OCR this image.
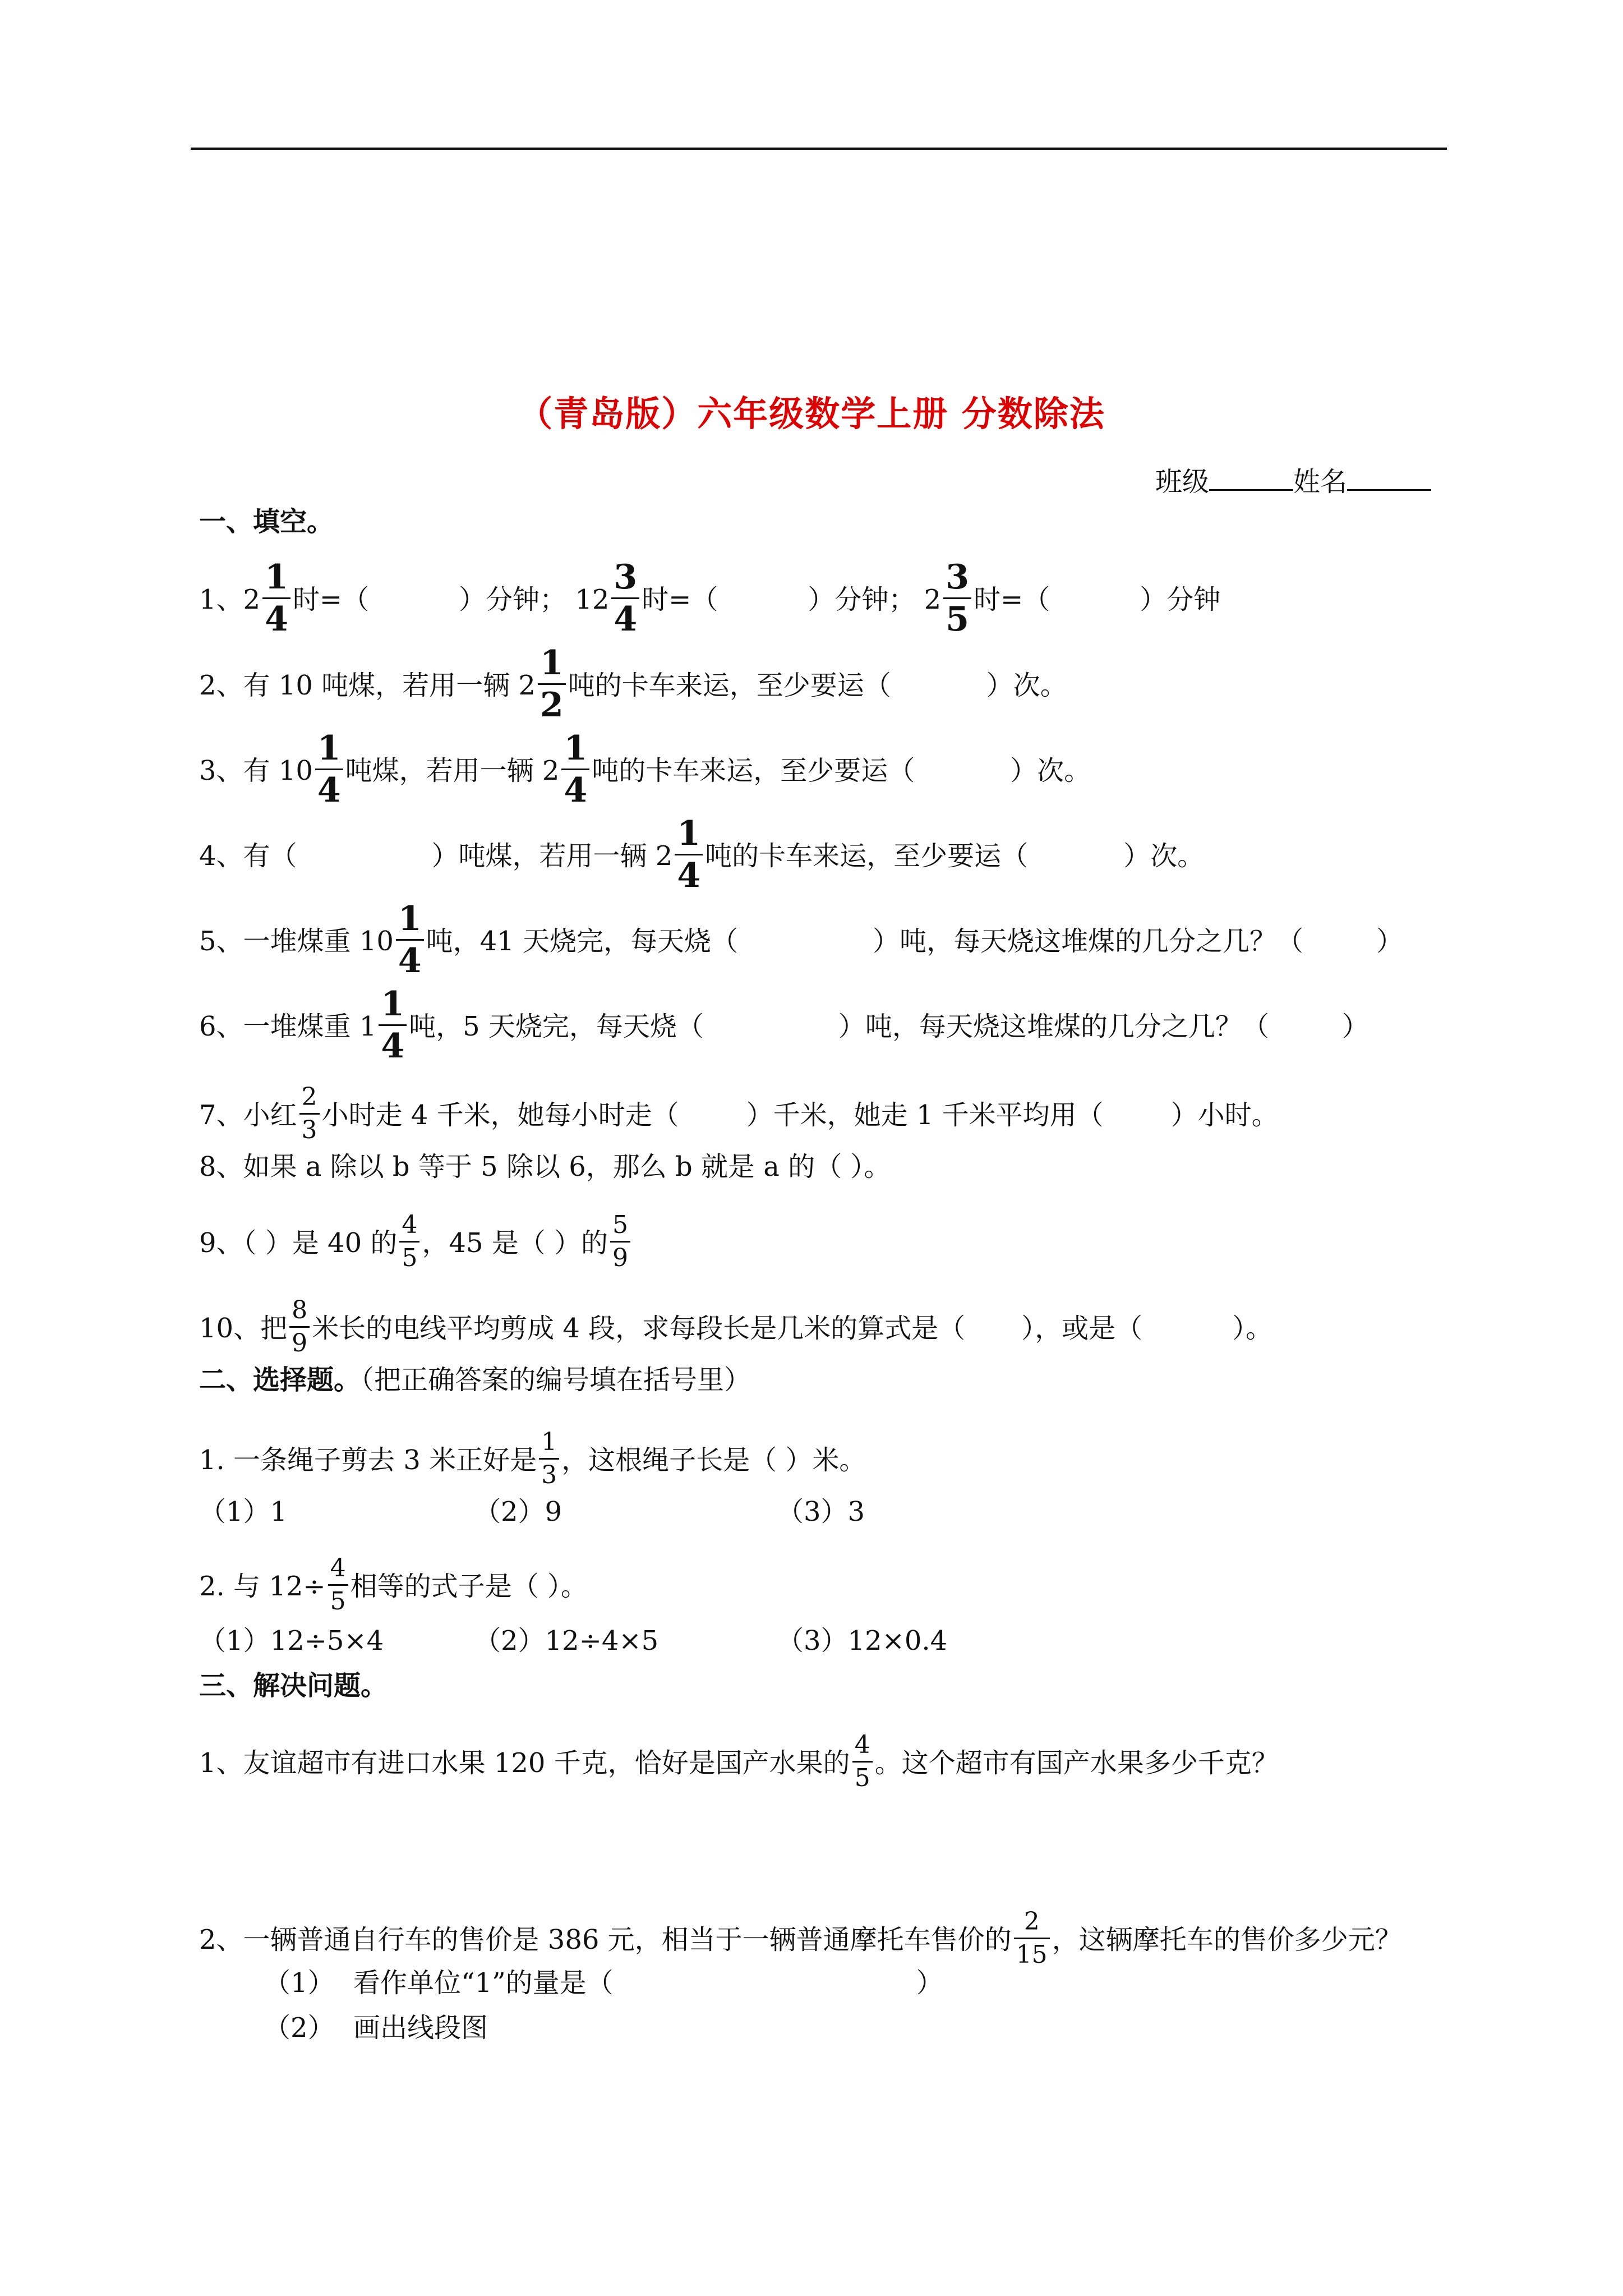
（青岛版）六年级数学上册 分数除法
班级	姓名
一、填空。
1、$2 \frac{1}{4}$ 时=（	）分钟； $12 \frac{3}{4}$ 时=（	）分钟； $2 \frac{3}{5}$ 时=（	）分钟
2、有 10 吨煤，若用一辆 $2 \frac{1}{2}$ 吨的卡车来运，至少要运（	）次。
3、有 $10 \frac{1}{4}$ 吨煤，若用一辆 $2 \frac{1}{4}$ 吨的卡车来运，至少要运（	）次。
4、有（	）吨煤，若用一辆 $2 \frac{1}{4}$ 吨的卡车来运，至少要运（	）次。
5、一堆煤重 $10 \frac{1}{4}$ 吨，41 天烧完，每天烧（	）吨，每天烧这堆煤的几分之几？（	）
6、一堆煤重 $1 \frac{1}{4}$ 吨，5 天烧完，每天烧（	）吨，每天烧这堆煤的几分之几？（	）
7、小红 $\frac{2}{3}$ 小时走 4 千米，她每小时走（	）千米，她走 1 千米平均用（	）小时。
8、如果 a 除以 b 等于 5 除以 6，那么 b 就是 a 的（ ）。
9、（ ）是 40 的 $\frac{4}{5}$ ，45 是（ ）的 $\frac{5}{9}$
10、把 $\frac{8}{9}$ 米长的电线平均剪成 4 段，求每段长是几米的算式是（ ），或是（	）。
二、选择题。（把正确答案的编号填在括号里）
1. 一条绳子剪去 3 米正好是 $\frac{1}{3}$ ，这根绳子长是（ ）米。
（1）1	（2）9	（3）3
2. 与 $12\div \frac{4}{5}$ 相等的式子是（ ）。
（1）12÷5×4	（2）12÷4×5	（3）12×0.4
三、解决问题。
1、友谊超市有进口水果 120 千克，恰好是国产水果的 $\frac{4}{5}$ 。这个超市有国产水果多少千克？
2、一辆普通自行车的售价是 386 元，相当于一辆普通摩托车售价的 $\frac{2}{15}$ ，这辆摩托车的售价多少元？
（1） 看作单位“1”的量是（	）
（2） 画出线段图
